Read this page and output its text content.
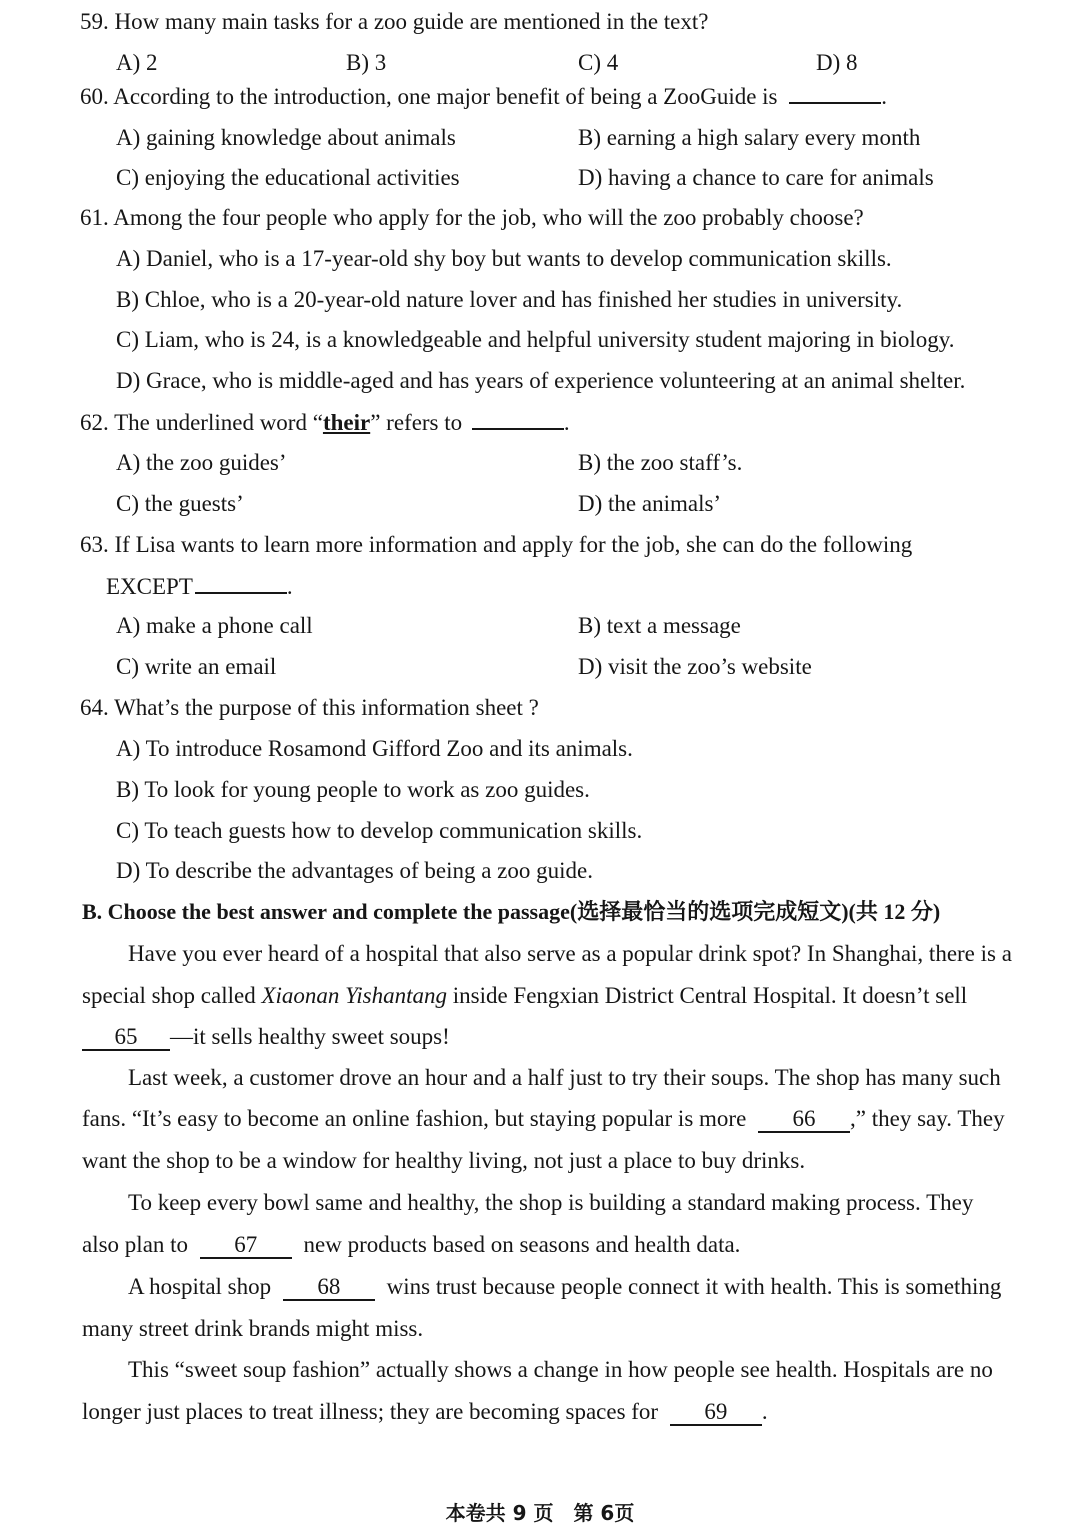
59. How many main tasks for a zoo guide are mentioned in the text?
A) 2	B) 3	C) 4	D) 8
60. According to the introduction, one major benefit of being a ZooGuide is	.
A) gaining knowledge about animals	B) earning a high salary every month
C) enjoying the educational activities	D) having a chance to care for animals
61. Among the four people who apply for the job, who will the zoo probably choose?
A) Daniel, who is a 17-year-old shy boy but wants to develop communication skills.
B) Chloe, who is a 20-year-old nature lover and has finished her studies in university.
C) Liam, who is 24, is a knowledgeable and helpful university student majoring in biology.
D) Grace, who is middle-aged and has years of experience volunteering at an animal shelter.
62. The underlined word “their” refers to	.
A) the zoo guides’	B) the zoo staff’s.
C) the guests’	D) the animals’
63. If Lisa wants to learn more information and apply for the job, she can do the following
EXCEPT	.
A) make a phone call	B) text a message
C) write an email	D) visit the zoo’s website
64. What’s the purpose of this information sheet ?
A) To introduce Rosamond Gifford Zoo and its animals.
B) To look for young people to work as zoo guides.
C) To teach guests how to develop communication skills.
D) To describe the advantages of being a zoo guide.
B. Choose the best answer and complete the passage(选择最恰当的选项完成短文)(共 12 分)
Have you ever heard of a hospital that also serve as a popular drink spot? In Shanghai, there is a
special shop called Xiaonan Yishantang inside Fengxian District Central Hospital. It doesn’t sell
65 —it sells healthy sweet soups!
Last week, a customer drove an hour and a half just to try their soups. The shop has many such
fans. “It’s easy to become an online fashion, but staying popular is more 66 ,” they say. They
want the shop to be a window for healthy living, not just a place to buy drinks.
To keep every bowl same and healthy, the shop is building a standard making process. They
also plan to 67 new products based on seasons and health data.
A hospital shop 68 wins trust because people connect it with health. This is something
many street drink brands might miss.
This “sweet soup fashion” actually shows a change in how people see health. Hospitals are no
longer just places to treat illness; they are becoming spaces for 69 .
本卷共 9 页　第 6页
